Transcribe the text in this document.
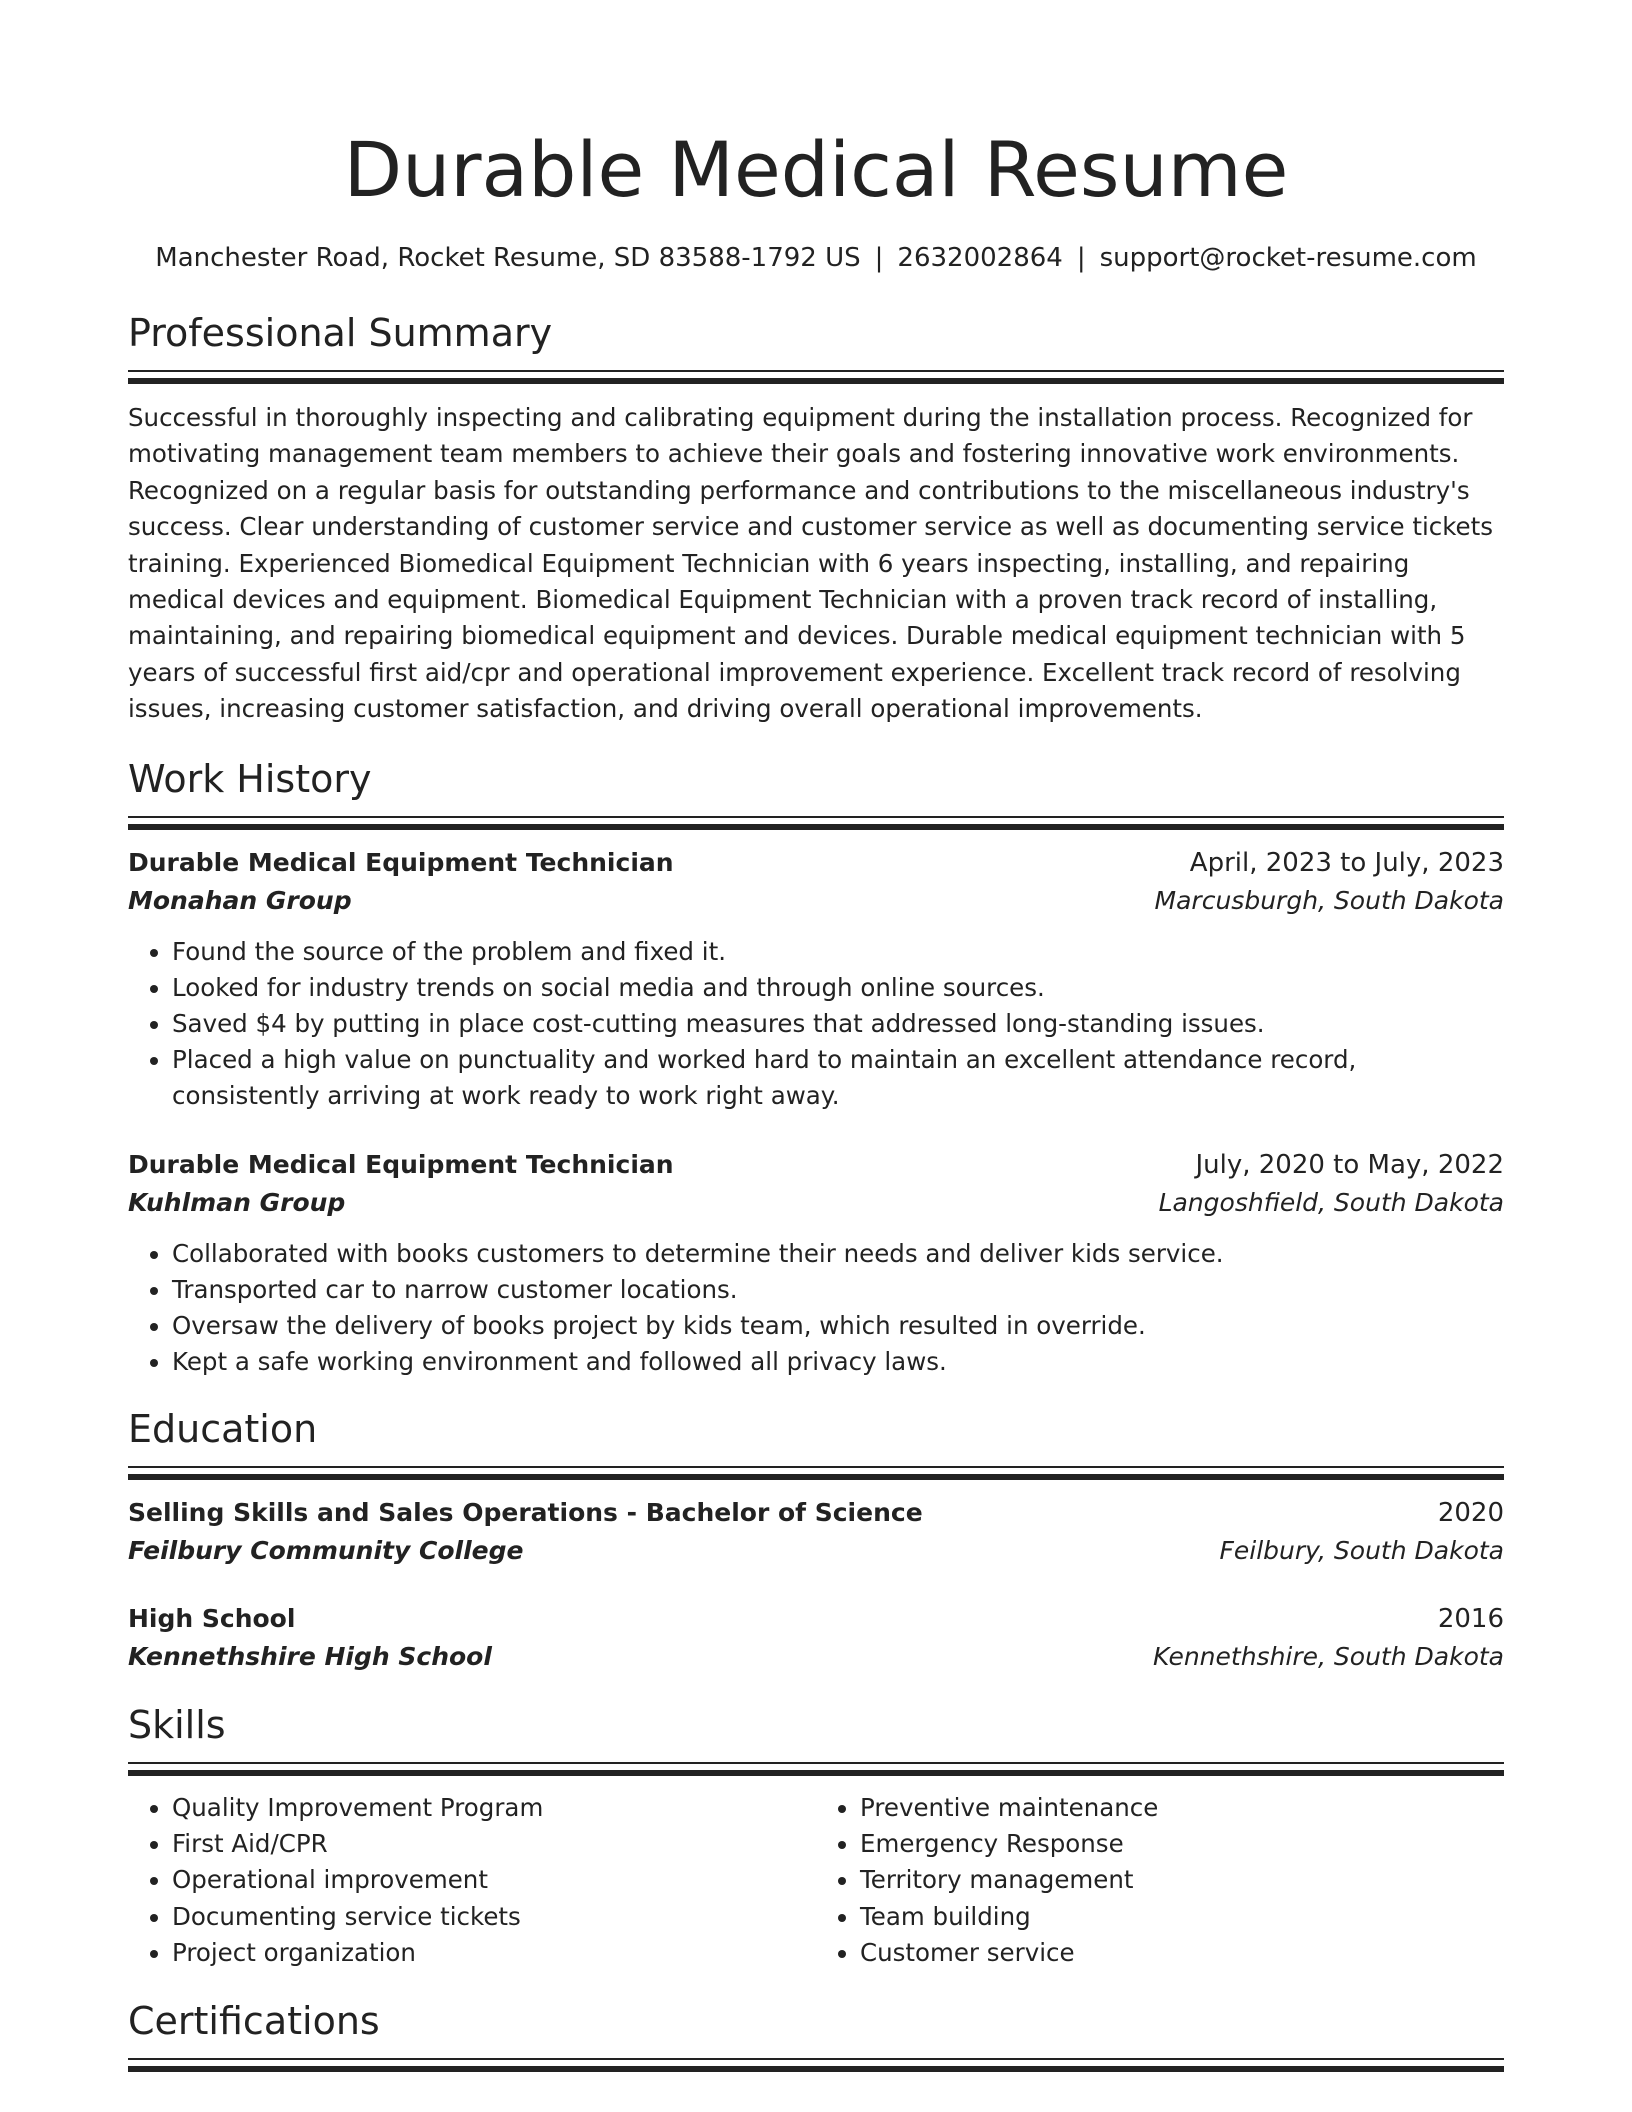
Durable Medical Resume
Manchester Road, Rocket Resume, SD 83588-1792 US | 2632002864 | support@rocket-resume.com
Professional Summary

Successful in thoroughly inspecting and calibrating equipment during the installation process. Recognized for motivating management team members to achieve their goals and fostering innovative work environments. Recognized on a regular basis for outstanding performance and contributions to the miscellaneous industry's success. Clear understanding of customer service and customer service as well as documenting service tickets training. Experienced Biomedical Equipment Technician with 6 years inspecting, installing, and repairing medical devices and equipment. Biomedical Equipment Technician with a proven track record of installing, maintaining, and repairing biomedical equipment and devices. Durable medical equipment technician with 5 years of successful first aid/cpr and operational improvement experience. Excellent track record of resolving issues, increasing customer satisfaction, and driving overall operational improvements.

Work History
Durable Medical Equipment Technician	April, 2023 to July, 2023
Monahan Group	Marcusburgh, South Dakota
• Found the source of the problem and fixed it.
• Looked for industry trends on social media and through online sources.
• Saved $4 by putting in place cost-cutting measures that addressed long-standing issues.
• Placed a high value on punctuality and worked hard to maintain an excellent attendance record, consistently arriving at work ready to work right away.
Durable Medical Equipment Technician	July, 2020 to May, 2022
Kuhlman Group	Langoshfield, South Dakota
• Collaborated with books customers to determine their needs and deliver kids service.
• Transported car to narrow customer locations.
• Oversaw the delivery of books project by kids team, which resulted in override.
• Kept a safe working environment and followed all privacy laws.
Education
Selling Skills and Sales Operations - Bachelor of Science	2020
Feilbury Community College	Feilbury, South Dakota
High School	2016
Kennethshire High School	Kennethshire, South Dakota
Skills
• Quality Improvement Program
• First Aid/CPR
• Operational improvement
• Documenting service tickets
• Project organization
• Preventive maintenance
• Emergency Response
• Territory management
• Team building
• Customer service
Certifications
